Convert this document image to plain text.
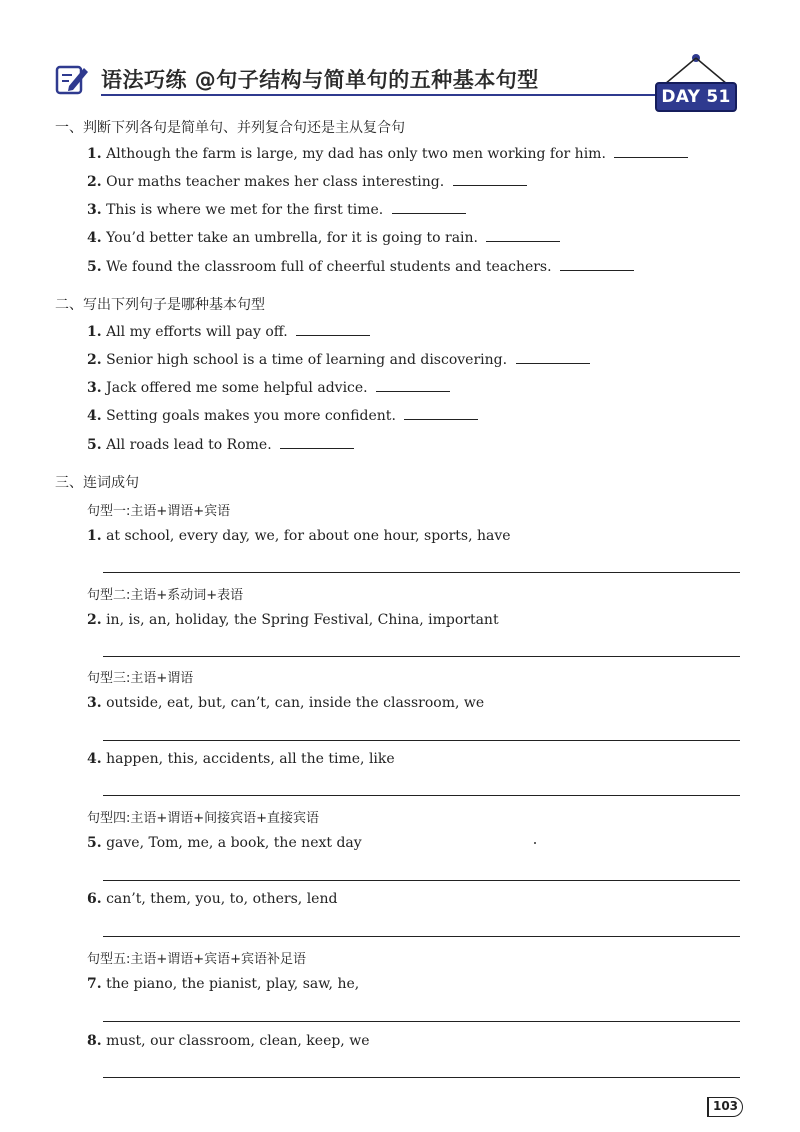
语法巧练 @句子结构与简单句的五种基本句型
DAY 51
一、判断下列各句是简单句、并列复合句还是主从复合句
1. Although the farm is large, my dad has only two men working for him.
2. Our maths teacher makes her class interesting.
3. This is where we met for the first time.
4. You’d better take an umbrella, for it is going to rain.
5. We found the classroom full of cheerful students and teachers.
二、写出下列句子是哪种基本句型
1. All my efforts will pay off.
2. Senior high school is a time of learning and discovering.
3. Jack offered me some helpful advice.
4. Setting goals makes you more confident.
5. All roads lead to Rome.
三、连词成句
句型一:主语+谓语+宾语
1. at school, every day, we, for about one hour, sports, have
句型二:主语+系动词+表语
2. in, is, an, holiday, the Spring Festival, China, important
句型三:主语+谓语
3. outside, eat, but, can’t, can, inside the classroom, we
4. happen, this, accidents, all the time, like
句型四:主语+谓语+间接宾语+直接宾语
5. gave, Tom, me, a book, the next day
6. can’t, them, you, to, others, lend
句型五:主语+谓语+宾语+宾语补足语
7. the piano, the pianist, play, saw, he,
8. must, our classroom, clean, keep, we
103
